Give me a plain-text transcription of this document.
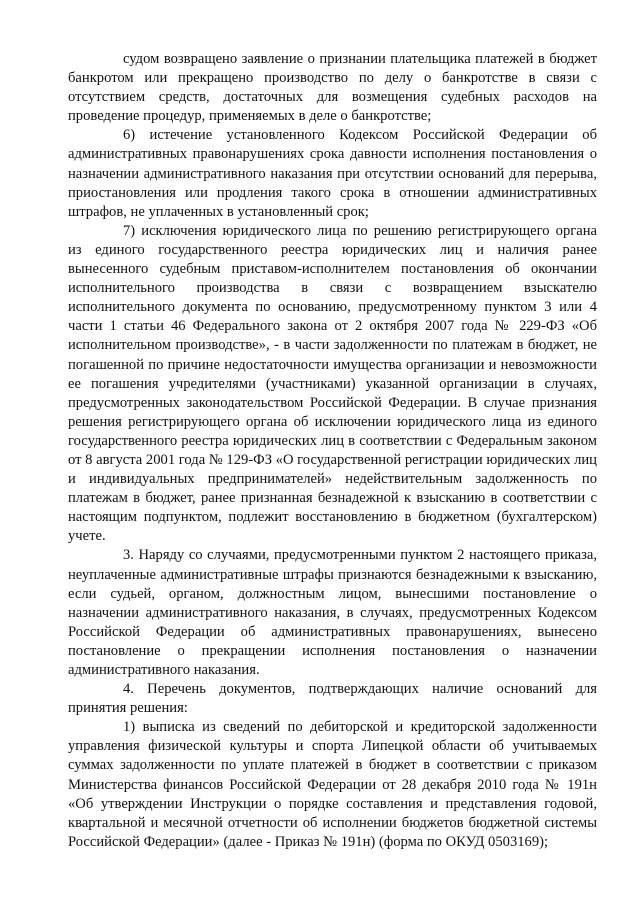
судом возвращено заявление о признании плательщика платежей в бюджет банкротом или прекращено производство по делу о банкротстве в связи с отсутствием средств, достаточных для возмещения судебных расходов на проведение процедур, применяемых в деле о банкротстве;

6) истечение установленного Кодексом Российской Федерации об административных правонарушениях срока давности исполнения постановления о назначении административного наказания при отсутствии оснований для перерыва, приостановления или продления такого срока в отношении административных штрафов, не уплаченных в установленный срок;

7) исключения юридического лица по решению регистрирующего органа из единого государственного реестра юридических лиц и наличия ранее вынесенного судебным приставом-исполнителем постановления об окончании исполнительного производства в связи с возвращением взыскателю исполнительного документа по основанию, предусмотренному пунктом 3 или 4 части 1 статьи 46 Федерального закона от 2 октября 2007 года № 229-ФЗ «Об исполнительном производстве», - в части задолженности по платежам в бюджет, не погашенной по причине недостаточности имущества организации и невозможности ее погашения учредителями (участниками) указанной организации в случаях, предусмотренных законодательством Российской Федерации. В случае признания решения регистрирующего органа об исключении юридического лица из единого государственного реестра юридических лиц в соответствии с Федеральным законом от 8 августа 2001 года № 129-ФЗ «О государственной регистрации юридических лиц и индивидуальных предпринимателей» недействительным задолженность по платежам в бюджет, ранее признанная безнадежной к взысканию в соответствии с настоящим подпунктом, подлежит восстановлению в бюджетном (бухгалтерском) учете.

3. Наряду со случаями, предусмотренными пунктом 2 настоящего приказа, неуплаченные административные штрафы признаются безнадежными к взысканию, если судьей, органом, должностным лицом, вынесшими постановление о назначении административного наказания, в случаях, предусмотренных Кодексом Российской Федерации об административных правонарушениях, вынесено постановление о прекращении исполнения постановления о назначении административного наказания.

4. Перечень документов, подтверждающих наличие оснований для принятия решения:

1) выписка из сведений по дебиторской и кредиторской задолженности управления физической культуры и спорта Липецкой области об учитываемых суммах задолженности по уплате платежей в бюджет в соответствии с приказом Министерства финансов Российской Федерации от 28 декабря 2010 года № 191н «Об утверждении Инструкции о порядке составления и представления годовой, квартальной и месячной отчетности об исполнении бюджетов бюджетной системы Российской Федерации» (далее - Приказ № 191н) (форма по ОКУД 0503169);
